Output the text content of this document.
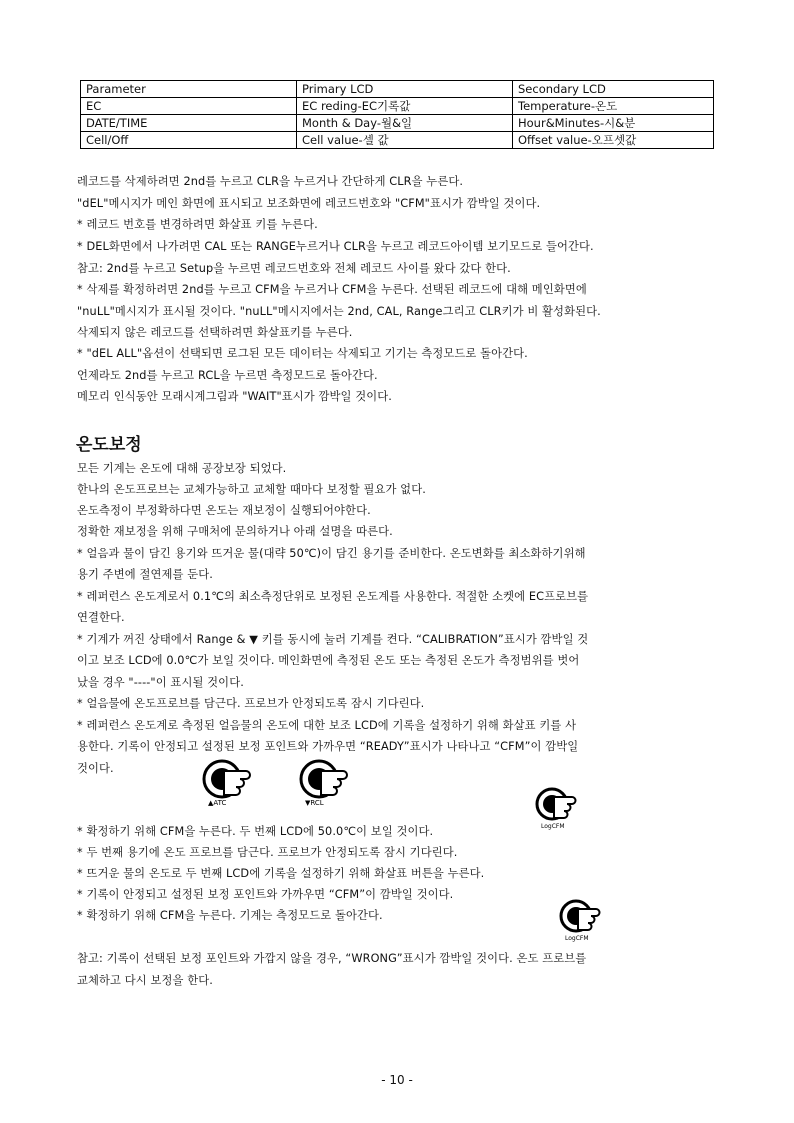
Parameter	Primary LCD	Secondary LCD
EC	EC reding-EC기록값	Temperature-온도
DATE/TIME	Month & Day-월&일	Hour&Minutes-시&분
Cell/Off	Cell value-셀 값	Offset value-오프셋값
레코드를 삭제하려면 2nd를 누르고 CLR을 누르거나 간단하게 CLR을 누른다.
"dEL"메시지가 메인 화면에 표시되고 보조화면에 레코드번호와 "CFM"표시가 깜박일 것이다.
* 레코드 번호를 변경하려면 화살표 키를 누른다.
* DEL화면에서 나가려면 CAL 또는 RANGE누르거나 CLR을 누르고 레코드아이템 보기모드로 들어간다.
참고: 2nd를 누르고 Setup을 누르면 레코드번호와 전체 레코드 사이를 왔다 갔다 한다.
* 삭제를 확정하려면 2nd를 누르고 CFM을 누르거나 CFM을 누른다. 선택된 레코드에 대해 메인화면에
"nuLL"메시지가 표시될 것이다. "nuLL"메시지에서는 2nd, CAL, Range그리고 CLR키가 비 활성화된다.
삭제되지 않은 레코드를 선택하려면 화살표키를 누른다.
* "dEL ALL"옵션이 선택되면 로그된 모든 데이터는 삭제되고 기기는 측정모드로 돌아간다.
언제라도 2nd를 누르고 RCL을 누르면 측정모드로 돌아간다.
메모리 인식동안 모래시계그림과 "WAIT"표시가 깜박일 것이다.
온도보정
모든 기계는 온도에 대해 공장보장 되었다.
한나의 온도프로브는 교체가능하고 교체할 때마다 보정할 필요가 없다.
온도측정이 부정확하다면 온도는 재보정이 실행되어야한다.
정확한 재보정을 위해 구매처에 문의하거나 아래 설명을 따른다.
* 얼음과 물이 담긴 용기와 뜨거운 물(대략 50℃)이 담긴 용기를 준비한다. 온도변화를 최소화하기위해
용기 주변에 절연제를 둔다.
* 레퍼런스 온도계로서 0.1℃의 최소측정단위로 보정된 온도계를 사용한다. 적절한 소켓에 EC프로브를
연결한다.
* 기계가 꺼진 상태에서 Range & ▼ 키를 동시에 눌러 기계를 켠다. “CALIBRATION”표시가 깜박일 것
이고 보조 LCD에 0.0℃가 보일 것이다. 메인화면에 측정된 온도 또는 측정된 온도가 측정범위를 벗어
났을 경우 "----"이 표시될 것이다.
* 얼음물에 온도프로브를 담근다. 프로브가 안정되도록 잠시 기다린다.
* 레퍼런스 온도계로 측정된 얼음물의 온도에 대한 보조 LCD에 기록을 설정하기 위해 화살표 키를 사
용한다. 기록이 안정되고 설정된 보정 포인트와 가까우면 “READY”표시가 나타나고 “CFM”이 깜박일
것이다.
▲ATC	▼RCL
LogCFM
LogCFM
* 확정하기 위해 CFM을 누른다. 두 번째 LCD에 50.0℃이 보일 것이다.
* 두 번째 용기에 온도 프로브를 담근다. 프로브가 안정되도록 잠시 기다린다.
* 뜨거운 물의 온도로 두 번째 LCD에 기록을 설정하기 위해 화살표 버튼을 누른다.
* 기록이 안정되고 설정된 보정 포인트와 가까우면 “CFM”이 깜박일 것이다.
* 확정하기 위해 CFM을 누른다. 기계는 측정모드로 돌아간다.
참고: 기록이 선택된 보정 포인트와 가깝지 않을 경우, “WRONG”표시가 깜박일 것이다. 온도 프로브를
교체하고 다시 보정을 한다.
- 10 -
